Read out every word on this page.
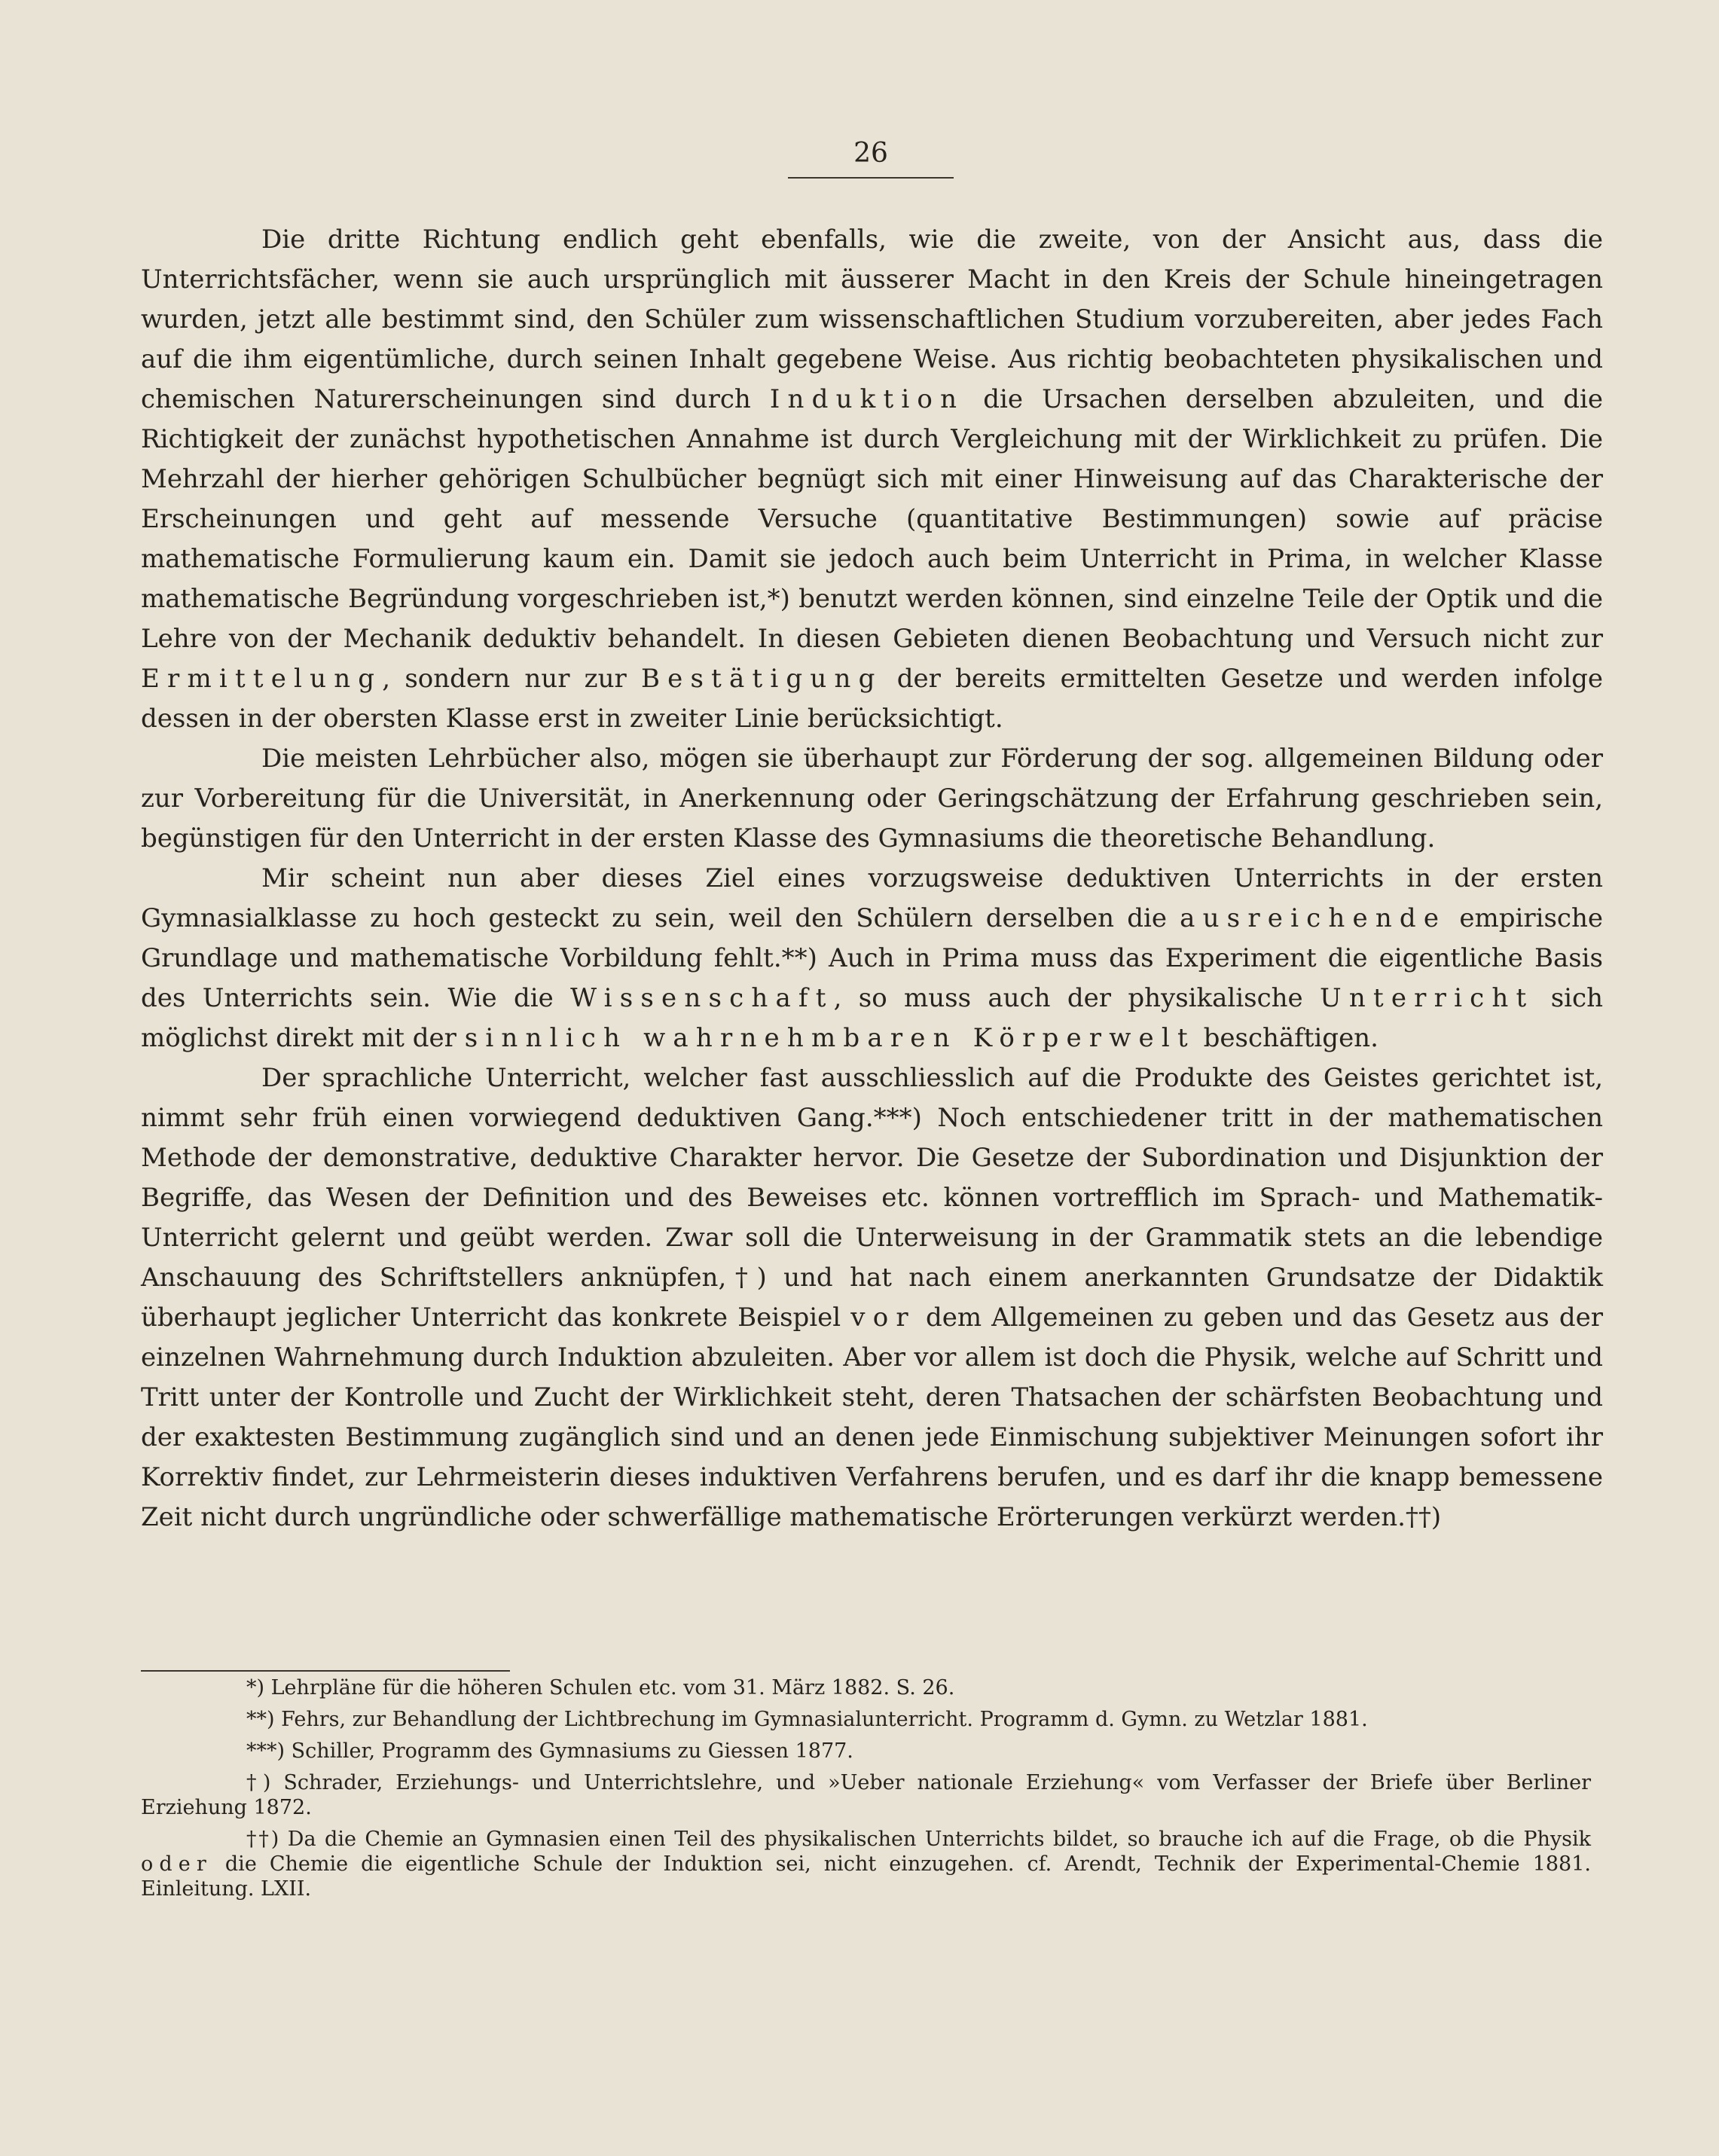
26

Die dritte Richtung endlich geht ebenfalls, wie die zweite, von der Ansicht aus, dass die Unterrichtsfächer, wenn sie auch ursprünglich mit äusserer Macht in den Kreis der Schule hineingetragen wurden, jetzt alle bestimmt sind, den Schüler zum wissenschaftlichen Studium vorzubereiten, aber jedes Fach auf die ihm eigentümliche, durch seinen Inhalt gegebene Weise. Aus richtig beobachteten physikalischen und chemischen Naturerscheinungen sind durch Induktion die Ursachen derselben abzuleiten, und die Richtigkeit der zunächst hypothetischen Annahme ist durch Vergleichung mit der Wirklichkeit zu prüfen. Die Mehrzahl der hierher gehörigen Schulbücher begnügt sich mit einer Hinweisung auf das Charakterische der Erscheinungen und geht auf messende Versuche (quantitative Bestimmungen) sowie auf präcise mathematische Formulierung kaum ein. Damit sie jedoch auch beim Unterricht in Prima, in welcher Klasse mathematische Begründung vorgeschrieben ist,*) benutzt werden können, sind einzelne Teile der Optik und die Lehre von der Mechanik deduktiv behandelt. In diesen Gebieten dienen Beobachtung und Versuch nicht zur Ermittelung, sondern nur zur Bestätigung der bereits ermittelten Gesetze und werden infolge dessen in der obersten Klasse erst in zweiter Linie berücksichtigt.

Die meisten Lehrbücher also, mögen sie überhaupt zur Förderung der sog. allgemeinen Bildung oder zur Vorbereitung für die Universität, in Anerkennung oder Geringschätzung der Erfahrung geschrieben sein, begünstigen für den Unterricht in der ersten Klasse des Gymnasiums die theoretische Behandlung.

Mir scheint nun aber dieses Ziel eines vorzugsweise deduktiven Unterrichts in der ersten Gymnasialklasse zu hoch gesteckt zu sein, weil den Schülern derselben die ausreichende empirische Grundlage und mathematische Vorbildung fehlt.**) Auch in Prima muss das Experiment die eigentliche Basis des Unterrichts sein. Wie die Wissenschaft, so muss auch der physikalische Unterricht sich möglichst direkt mit der sinnlich wahrnehmbaren Körperwelt beschäftigen.

Der sprachliche Unterricht, welcher fast ausschliesslich auf die Produkte des Geistes gerichtet ist, nimmt sehr früh einen vorwiegend deduktiven Gang.***) Noch entschiedener tritt in der mathematischen Methode der demonstrative, deduktive Charakter hervor. Die Gesetze der Subordination und Disjunktion der Begriffe, das Wesen der Definition und des Beweises etc. können vortrefflich im Sprach- und Mathematik-Unterricht gelernt und geübt werden. Zwar soll die Unterweisung in der Grammatik stets an die lebendige Anschauung des Schriftstellers anknüpfen,†) und hat nach einem anerkannten Grundsatze der Didaktik überhaupt jeglicher Unterricht das konkrete Beispiel vor dem Allgemeinen zu geben und das Gesetz aus der einzelnen Wahrnehmung durch Induktion abzuleiten. Aber vor allem ist doch die Physik, welche auf Schritt und Tritt unter der Kontrolle und Zucht der Wirklichkeit steht, deren Thatsachen der schärfsten Beobachtung und der exaktesten Bestimmung zugänglich sind und an denen jede Einmischung subjektiver Meinungen sofort ihr Korrektiv findet, zur Lehrmeisterin dieses induktiven Verfahrens berufen, und es darf ihr die knapp bemessene Zeit nicht durch ungründliche oder schwerfällige mathematische Erörterungen verkürzt werden.††)

*) Lehrpläne für die höheren Schulen etc. vom 31. März 1882. S. 26.

**) Fehrs, zur Behandlung der Lichtbrechung im Gymnasialunterricht. Programm d. Gymn. zu Wetzlar 1881.

***) Schiller, Programm des Gymnasiums zu Giessen 1877.

†) Schrader, Erziehungs- und Unterrichtslehre, und »Ueber nationale Erziehung« vom Verfasser der Briefe über Berliner Erziehung 1872.

††) Da die Chemie an Gymnasien einen Teil des physikalischen Unterrichts bildet, so brauche ich auf die Frage, ob die Physik oder die Chemie die eigentliche Schule der Induktion sei, nicht einzugehen. cf. Arendt, Technik der Experimental-Chemie 1881. Einleitung. LXII.
